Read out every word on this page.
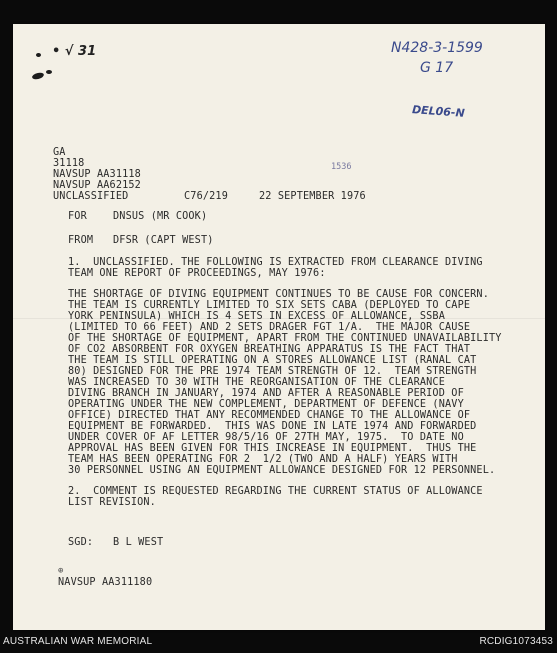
• √ 31	N428-3-1599
G 17
DEL06-N
1536
GA
31118
NAVSUP AA31118
NAVSUP AA62152
UNCLASSIFIED	C76/219	22 SEPTEMBER 1976
FOR	DNSUS (MR COOK)
FROM DFSR (CAPT WEST)
1.  UNCLASSIFIED. THE FOLLOWING IS EXTRACTED FROM CLEARANCE DIVING
TEAM ONE REPORT OF PROCEEDINGS, MAY 1976:
THE SHORTAGE OF DIVING EQUIPMENT CONTINUES TO BE CAUSE FOR CONCERN.
THE TEAM IS CURRENTLY LIMITED TO SIX SETS CABA (DEPLOYED TO CAPE
YORK PENINSULA) WHICH IS 4 SETS IN EXCESS OF ALLOWANCE, SSBA
(LIMITED TO 66 FEET) AND 2 SETS DRAGER FGT 1/A.  THE MAJOR CAUSE
OF THE SHORTAGE OF EQUIPMENT, APART FROM THE CONTINUED UNAVAILABILITY
OF CO2 ABSORBENT FOR OXYGEN BREATHING APPARATUS IS THE FACT THAT
THE TEAM IS STILL OPERATING ON A STORES ALLOWANCE LIST (RANAL CAT
80) DESIGNED FOR THE PRE 1974 TEAM STRENGTH OF 12.  TEAM STRENGTH
WAS INCREASED TO 30 WITH THE REORGANISATION OF THE CLEARANCE
DIVING BRANCH IN JANUARY, 1974 AND AFTER A REASONABLE PERIOD OF
OPERATING UNDER THE NEW COMPLEMENT, DEPARTMENT OF DEFENCE (NAVY
OFFICE) DIRECTED THAT ANY RECOMMENDED CHANGE TO THE ALLOWANCE OF
EQUIPMENT BE FORWARDED.  THIS WAS DONE IN LATE 1974 AND FORWARDED
UNDER COVER OF AF LETTER 98/5/16 OF 27TH MAY, 1975.  TO DATE NO
APPROVAL HAS BEEN GIVEN FOR THIS INCREASE IN EQUIPMENT.  THUS THE
TEAM HAS BEEN OPERATING FOR 2  1/2 (TWO AND A HALF) YEARS WITH
30 PERSONNEL USING AN EQUIPMENT ALLOWANCE DESIGNED FOR 12 PERSONNEL.
2.  COMMENT IS REQUESTED REGARDING THE CURRENT STATUS OF ALLOWANCE
LIST REVISION.
SGD: B L WEST
⊕
NAVSUP AA311180
AUSTRALIAN WAR MEMORIAL	RCDIG1073453
